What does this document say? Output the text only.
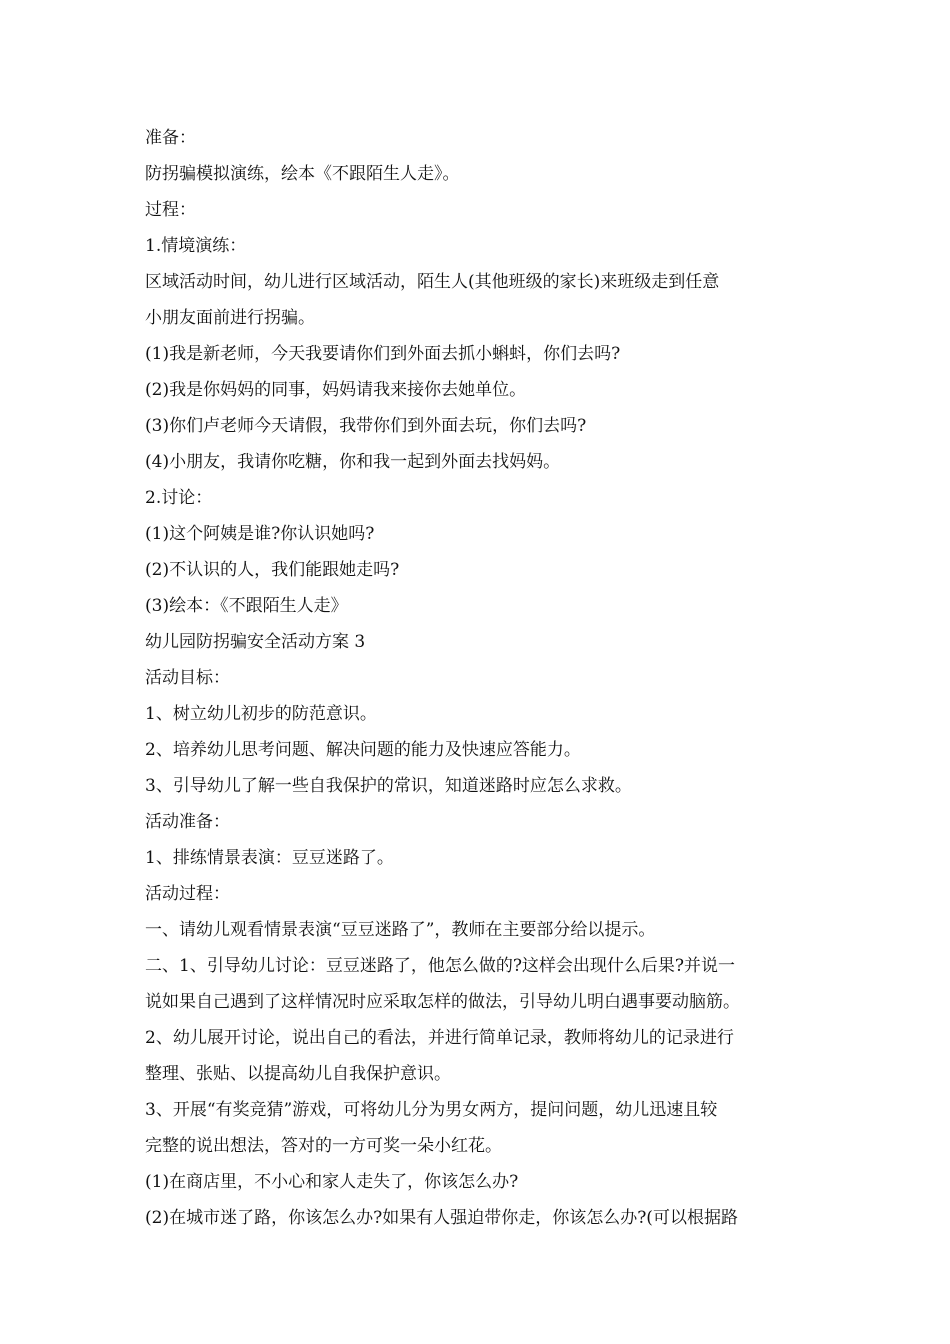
准备：
防拐骗模拟演练，绘本《不跟陌生人走》。
过程：
1.情境演练：
区域活动时间，幼儿进行区域活动，陌生人(其他班级的家长)来班级走到任意
小朋友面前进行拐骗。
(1)我是新老师，今天我要请你们到外面去抓小蝌蚪，你们去吗?
(2)我是你妈妈的同事，妈妈请我来接你去她单位。
(3)你们卢老师今天请假，我带你们到外面去玩，你们去吗?
(4)小朋友，我请你吃糖，你和我一起到外面去找妈妈。
2.讨论：
(1)这个阿姨是谁?你认识她吗?
(2)不认识的人，我们能跟她走吗?
(3)绘本：《不跟陌生人走》
幼儿园防拐骗安全活动方案 3
活动目标：
1、树立幼儿初步的防范意识。
2、培养幼儿思考问题、解决问题的能力及快速应答能力。
3、引导幼儿了解一些自我保护的常识，知道迷路时应怎么求救。
活动准备：
1、排练情景表演：豆豆迷路了。
活动过程：
一、请幼儿观看情景表演“豆豆迷路了”，教师在主要部分给以提示。
二、1、引导幼儿讨论：豆豆迷路了，他怎么做的?这样会出现什么后果?并说一
说如果自己遇到了这样情况时应采取怎样的做法，引导幼儿明白遇事要动脑筋。
2、幼儿展开讨论，说出自己的看法，并进行简单记录，教师将幼儿的记录进行
整理、张贴、以提高幼儿自我保护意识。
3、开展“有奖竞猜”游戏，可将幼儿分为男女两方，提问问题，幼儿迅速且较
完整的说出想法，答对的一方可奖一朵小红花。
(1)在商店里，不小心和家人走失了，你该怎么办?
(2)在城市迷了路，你该怎么办?如果有人强迫带你走，你该怎么办?(可以根据路
